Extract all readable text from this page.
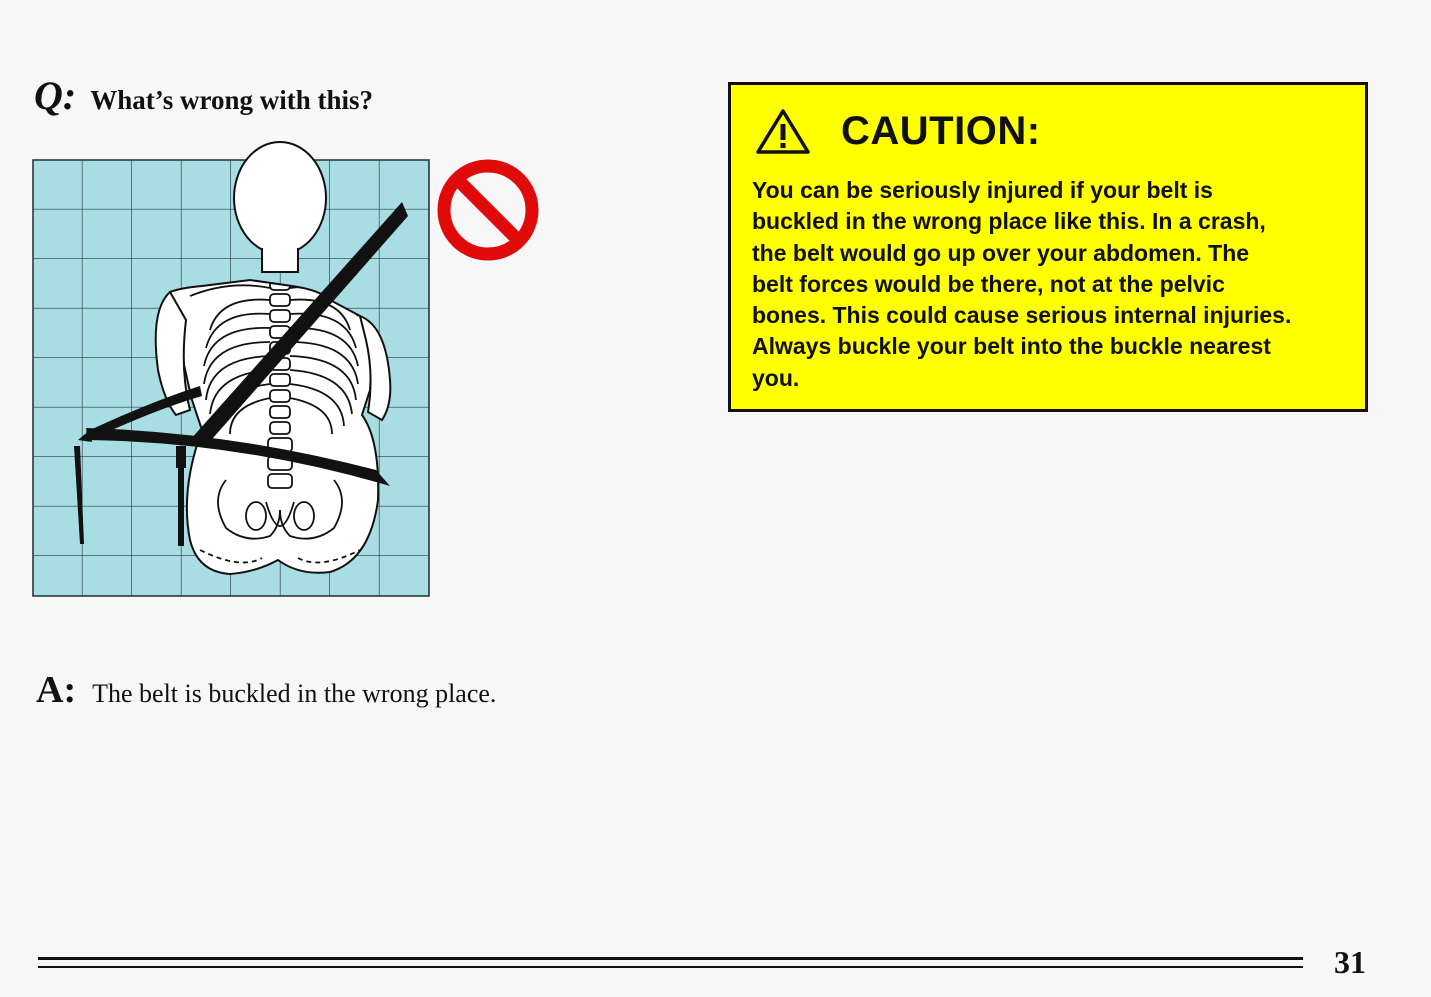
Q: What’s wrong with this?
A: The belt is buckled in the wrong place.
CAUTION:
You can be seriously injured if your belt is
buckled in the wrong place like this. In a crash,
the belt would go up over your abdomen. The
belt forces would be there, not at the pelvic
bones. This could cause serious internal injuries.
Always buckle your belt into the buckle nearest
you.
31
